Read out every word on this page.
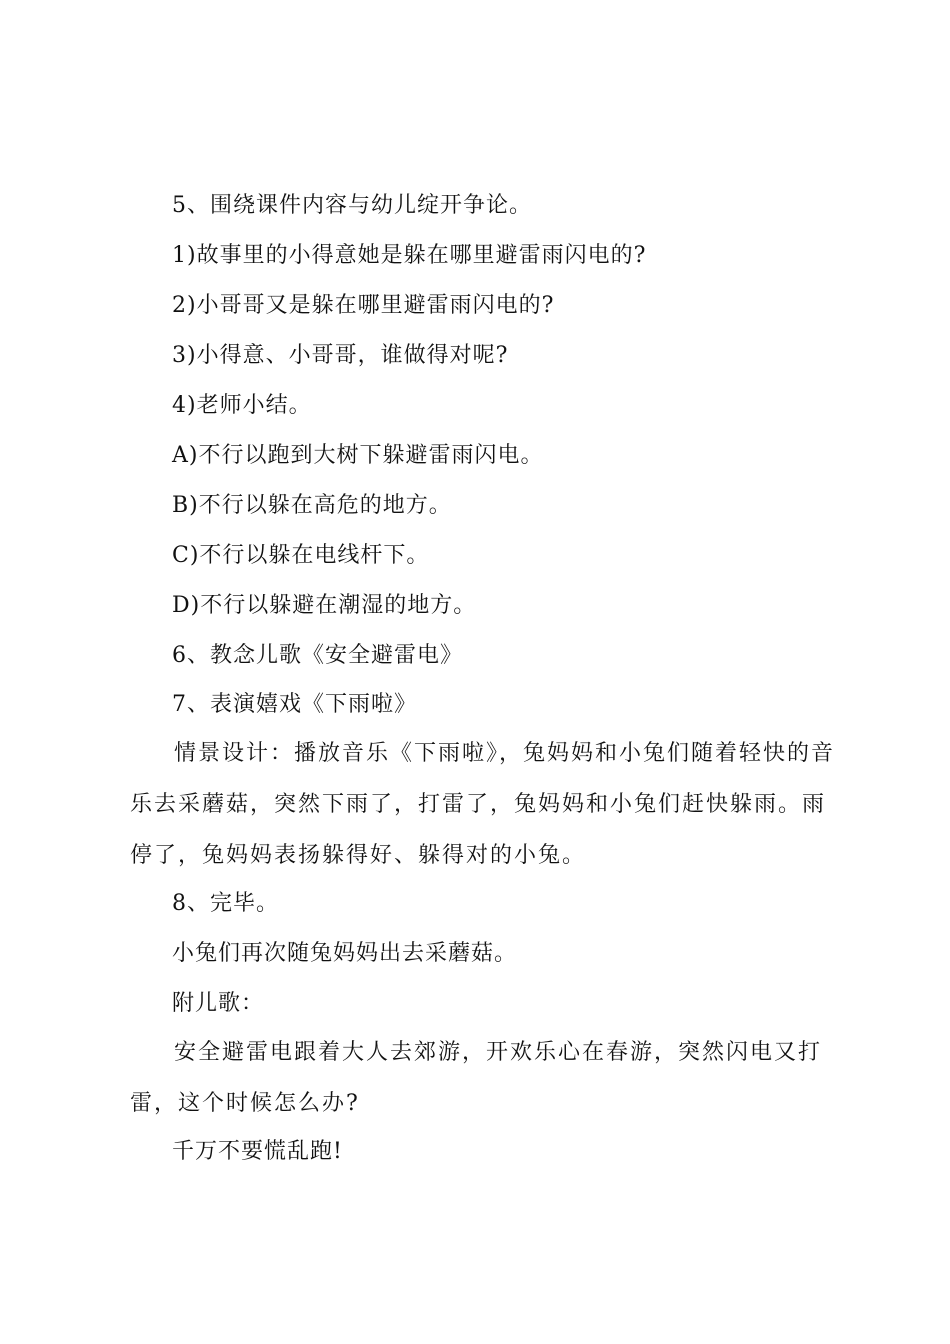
5、围绕课件内容与幼儿绽开争论。
1)故事里的小得意她是躲在哪里避雷雨闪电的?
2)小哥哥又是躲在哪里避雷雨闪电的?
3)小得意、小哥哥，谁做得对呢?
4)老师小结。
A)不行以跑到大树下躲避雷雨闪电。
B)不行以躲在高危的地方。
C)不行以躲在电线杆下。
D)不行以躲避在潮湿的地方。
6、教念儿歌《安全避雷电》
7、表演嬉戏《下雨啦》
情景设计：播放音乐《下雨啦》，兔妈妈和小兔们随着轻快的音乐去采蘑菇，突然下雨了，打雷了，兔妈妈和小兔们赶快躲雨。雨停了，兔妈妈表扬躲得好、躲得对的小兔。
8、完毕。
小兔们再次随兔妈妈出去采蘑菇。
附儿歌：
安全避雷电跟着大人去郊游，开欢乐心在春游，突然闪电又打雷，这个时候怎么办?
千万不要慌乱跑!
